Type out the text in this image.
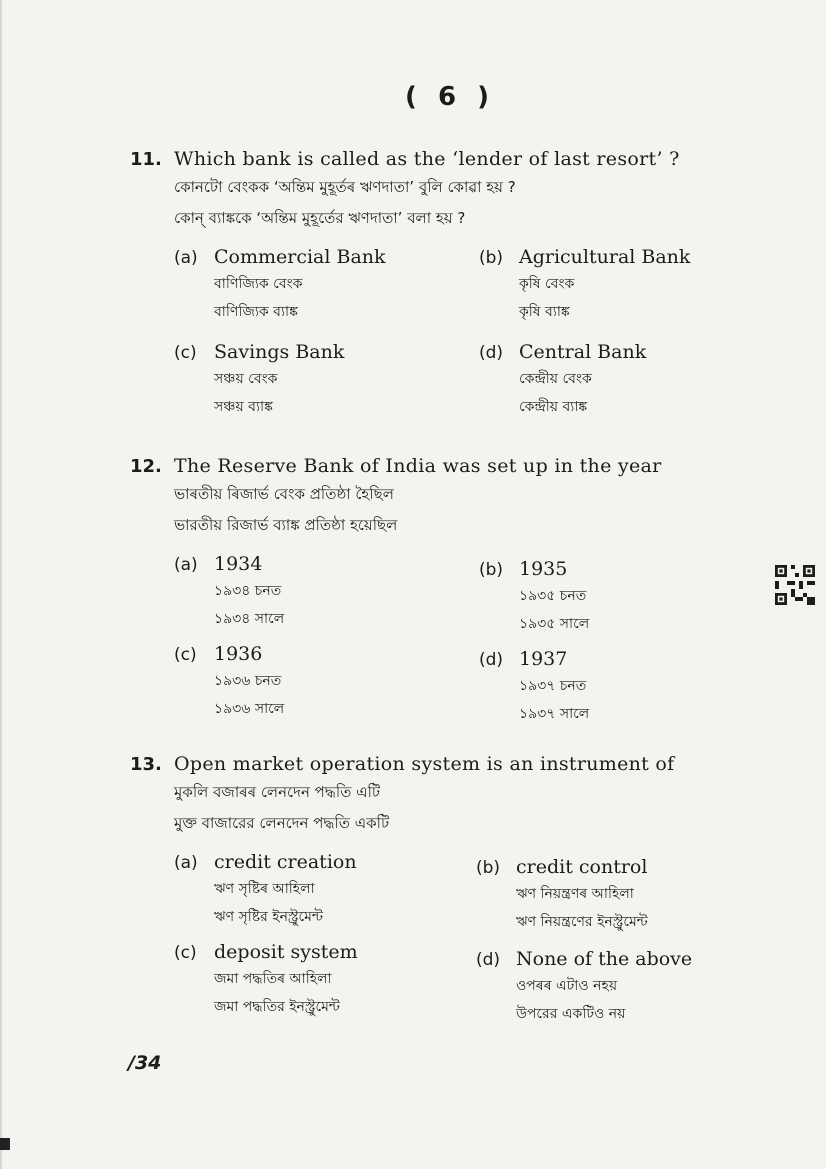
( 6 )
11. Which bank is called as the ‘lender of last resort’ ?
কোনটো বেংকক ‘অন্তিম মুহূৰ্তৰ ঋণদাতা’ বুলি কোৱা হয় ?
কোন্ ব্যাঙ্ককে ‘অন্তিম মুহূর্তের ঋণদাতা’ বলা হয় ?
(a) Commercial Bank
বাণিজ্যিক বেংক
বাণিজ্যিক ব্যাঙ্ক
(b) Agricultural Bank
কৃষি বেংক
কৃষি ব্যাঙ্ক
(c) Savings Bank
সঞ্চয় বেংক
সঞ্চয় ব্যাঙ্ক
(d) Central Bank
কেন্দ্ৰীয় বেংক
কেন্দ্রীয় ব্যাঙ্ক
12. The Reserve Bank of India was set up in the year
ভাৰতীয় ৰিজাৰ্ভ বেংক প্ৰতিষ্ঠা হৈছিল
ভারতীয় রিজার্ভ ব্যাঙ্ক প্রতিষ্ঠা হয়েছিল
(a) 1934
১৯৩৪ চনত
১৯৩৪ সালে
(b) 1935
১৯৩৫ চনত
১৯৩৫ সালে
(c) 1936
১৯৩৬ চনত
১৯৩৬ সালে
(d) 1937
১৯৩৭ চনত
১৯৩৭ সালে
13. Open market operation system is an instrument of
মুকলি বজাৰৰ লেনদেন পদ্ধতি এটি
মুক্ত বাজারের লেনদেন পদ্ধতি একটি
(a) credit creation
ঋণ সৃষ্টিৰ আহিলা
ঋণ সৃষ্টির ইনস্ট্রুমেন্ট
(b) credit control
ঋণ নিয়ন্ত্ৰণৰ আহিলা
ঋণ নিয়ন্ত্রণের ইনস্ট্রুমেন্ট
(c) deposit system
জমা পদ্ধতিৰ আহিলা
জমা পদ্ধতির ইনস্ট্রুমেন্ট
(d) None of the above
ওপৰৰ এটাও নহয়
উপরের একটিও নয়
/34
